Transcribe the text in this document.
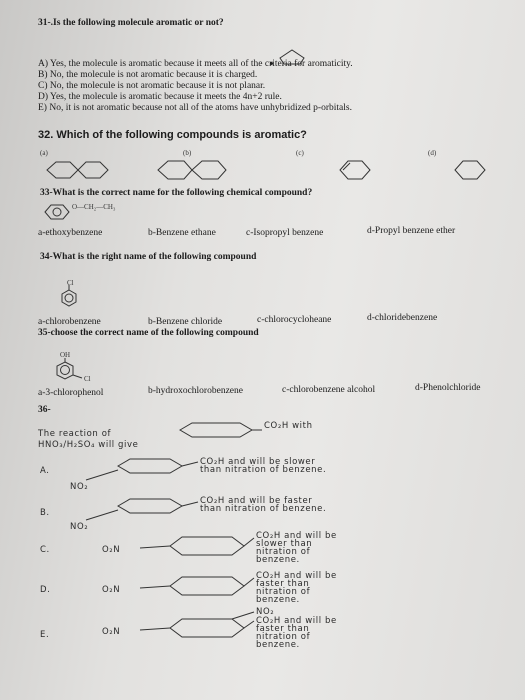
31-.Is the following molecule aromatic or not?
A) Yes, the molecule is aromatic because it meets all of the criteria for aromaticity.
B) No, the molecule is not aromatic because it is charged.
C) No, the molecule is not aromatic because it is not planar.
D) Yes, the molecule is aromatic because it meets the 4n+2 rule.
E) No, it is not aromatic because not all of the atoms have unhybridized p-orbitals.
32. Which of the following compounds is aromatic?
(a)	(b)	(c)	(d)
33-What is the correct name for the following chemical compound?
O—CH₂—CH₃
a-ethoxybenzene	b-Benzene ethane	c-Isopropyl benzene	d-Propyl benzene ether
34-What is the right name of the following compound
Cl
a-chlorobenzene	b-Benzene chloride	c-chlorocycloheane	d-chloridebenzene
35-choose the correct name of the following compound
OH
Cl
a-3-chlorophenol	b-hydroxochlorobenzene	c-chlorobenzene alcohol	d-Phenolchloride
36-
The reaction of
CO₂H with
HNO₃/H₂SO₄ will give
A.
CO₂H and will be slower
than nitration of benzene.
NO₂
B.
CO₂H and will be faster
than nitration of benzene.
NO₂
C.	O₂N
CO₂H and will be
slower than
nitration of
benzene.
D.	O₂N
CO₂H and will be
faster than
nitration of
benzene.
E.	O₂N
NO₂
CO₂H and will be
faster than
nitration of
benzene.
